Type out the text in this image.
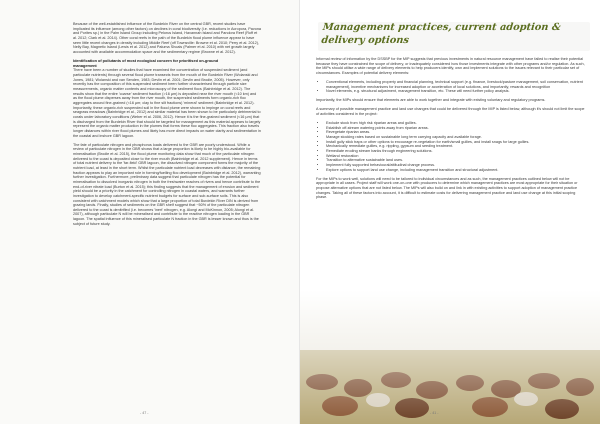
Because of the well-established influence of the Burdekin River on the central GBR, recent studies have implicated its influence (among other factors) on declines in coral biodiversity (i.e. reductions in Acropora, Pavona and Porites sp.) in the Palm Island Group including Pelorus Island, Havannah Island and Pandora Reef (Roff et al. 2012; Clark et al. 2014). Other coral reefs in the path of the Burdekin flood plume influence appear to have seen little recent changes in density including Middle Reef (off Townsville: Browne et al. 2010; Perry et al. 2012), Nelly Bay, Magnetic Island (Lewis et al. 2012) and Paluma Shoals (Palmer et al. 2010) with net growth largely accounted with available accommodation space and the sedimentary regime (Browne et al. 2012).

Identification of pollutants of most ecological concern for prioritised on-ground
management

There have been a number of studies that have examined the concentration of suspended sediment (and particulate nutrients) through several flood plume transects from the mouth of the Burdekin River (Wolanski and Jones, 1981; Wolanski and van Senden, 1983; Devlin et al. 2001; Devlin and Brodie, 2005). However, only recently has the composition of this suspended sediment been further characterised through particle size measurements, organic matter contents and microscopy of the sediment flocs (Bainbridge et al. 2012). The results show that the entire 'coarse' sediment fraction (>16 µm) is deposited near the river mouth (<10 km) and as the flood plume disperses away from the river mouth, the suspended sediments form organic-rich floc aggregates around fine-grained (<16 µm; clay to fine silt fractions) 'mineral' sediment (Bainbridge et al. 2012). Importantly, these organic-rich suspended soil in the flood plume were shown to impinge on coral reefs and seagrass meadows (Bainbridge et al., 2012) and similar material has been shown to be particularly detrimental to corals under laboratory conditions (Weber et al. 2006, 2012). Hence it is the fine-grained sediment (<16 µm) that is discharged from the Burdekin River that should be targeted for management as this material appears to largely represent the organic matter production in the plumes that forms these floc aggregates. This fraction also travels longer distances within river flood plumes and likely has more direct impacts on water clarity and sedimentation in the coastal and inshore GBR lagoon.

The fate of particulate nitrogen and phosphorus loads delivered to the GBR are poorly understood. While a review of particulate nitrogen in the GBR shows that a large proportion is likely to be highly bio-available for mineralisation (Brodie et al. 2015), the flood plume monitoring data show that much of the particulate nitrogen delivered to the coast is deposited close to the river mouth (Bainbridge et al. 2012 supplement). Hence in terms of total nutrient delivery to the 'far-field' GBR lagoon, the dissolved nitrogen component forms the majority of the nutrient load, at least in the short term. Whilst the particulate nutrient load decreases with distance, the remaining fraction appears to play an important role in forming/fuelling floc development (Bainbridge et al. 2012), warranting further investigation. Furthermore, preliminary data suggest that particulate nitrogen has the potential for mineralisation to dissolved inorganic nitrogen in both the freshwater reaches of rivers and hence contribute to the end-of-river nitrate load (Burton et al. 2015); this finding suggests that the management of erosion and sediment yield should be a priority in the catchment for controlling nitrogen in coastal waters, and warrants further investigation to develop catchment-specific nutrient budgets for surface and sub-surface soils. This is also consistent with catchment models which show that a large proportion of total Burdekin River DIN is derived from grazing lands. Finally, studies of sediments on the GBR shelf suggest that ~50% of the particulate nitrogen delivered to the coast is denitrified (i.e. becomes 'inert' nitrogen, e.g. Alongi and McKinnon, 2005; Alongi et al. 2007), although particulate N will be mineralised and contribute to the reactive nitrogen loading in the GBR lagoon. The spatial influence of this mineralised particulate N fraction in the GBR is lesser known and thus is the subject of future study.

- 47 -
Management practices, current adoption &
delivery options

Informal review of information by the DSSBP for the MIP suggests that previous investments in natural resource management have failed to realise their potential because they have constrained the scope of delivery, or inadequately considered how those investments integrate with other programs and/or regulation. As such, the MIPs should utilise a wide range of delivery elements to help producers identify, own and implement solutions to the issues relevant to their particular set of circumstances. Examples of potential delivery elements:

• Conventional elements, including property and financial planning, technical support (e.g. finance, livestock/pasture management, soil conservation, nutrient management), incentive mechanisms for increased adoption or acceleration of local solutions, and importantly, rewards and recognition
• Novel elements, e.g. structural adjustment, management transition, etc. These will need further policy analysis.

Importantly, the MIPs should ensure that elements are able to work together and integrate with existing voluntary and regulatory programs.

A summary of possible management practice and land use changes that could be delivered through the MIP is listed below, although it's should not limit the scope of activities considered in the project:

• Exclude stock from high risk riparian areas and gullies.
• Establish off-stream watering points away from riparian areas.
• Revegetate riparian areas.
• Manage stocking rates based on sustainable long term carrying capacity and available forage.
• Install gully stick traps or other options to encourage re-vegetation for earth/small gullies, and install snags for large gullies.
• Mechanically remediate gullies, e.g. rippling, gypsum and seeding treatment.
• Remediate eroding stream banks through engineering solutions.
• Wetland restoration
• Transition to alternative sustainable land uses.
• Implement fully supported behavioural/attitudinal change process.
• Explore options to support land use change, including management transition and structural adjustment.

For the MIPs to work well, solutions will need to be tailored to individual circumstances and as such, the management practices outlined below will not be appropriate in all cases. Project staff will work one-on-one with producers to determine which management practices are most appropriate for their situation or propose alternative options that are not listed below. The MIPs will also build on and link in with existing activities to support adoption of management practice changes. Taking all of these factors into account, it is difficult to estimate costs for delivering management practice and land use change at this initial scoping phase.

- 41 -
